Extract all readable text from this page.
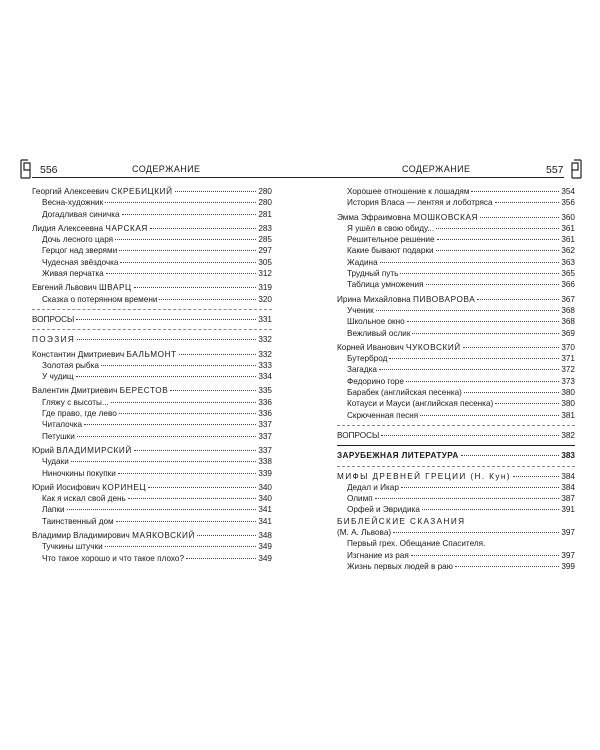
556	СОДЕРЖАНИЕ
Георгий Алексеевич СКРЕБИЦКИЙ	280
Весна-художник	280
Догадливая синичка	281
Лидия Алексеевна ЧАРСКАЯ	283
Дочь лесного царя	285
Герцог над зверями	297
Чудесная звёздочка	305
Живая перчатка	312
Евгений Львович ШВАРЦ	319
Сказка о потерянном времени	320
ВОПРОСЫ	331
ПОЭЗИЯ	332
Константин Дмитриевич БАЛЬМОНТ	332
Золотая рыбка	333
У чудищ	334
Валентин Дмитриевич БЕРЕСТОВ	335
Гляжу с высоты...	336
Где право, где лево	336
Читалочка	337
Петушки	337
Юрий ВЛАДИМИРСКИЙ	337
Чудаки	338
Ниночкины покупки	339
Юрий Иосифович КОРИНЕЦ	340
Как я искал свой день	340
Лапки	341
Таинственный дом	341
Владимир Владимирович МАЯКОВСКИЙ	348
Тучкины штучки	349
Что такое хорошо и что такое плохо?	349
СОДЕРЖАНИЕ	557
Хорошее отношение к лошадям	354
История Власа — лентяя и лоботряса	356
Эмма Эфраимовна МОШКОВСКАЯ	360
Я ушёл в свою обиду...	361
Решительное решение	361
Какие бывают подарки	362
Жадина	363
Трудный путь	365
Таблица умножения	366
Ирина Михайловна ПИВОВАРОВА	367
Ученик	368
Школьное окно	368
Вежливый ослик	369
Корней Иванович ЧУКОВСКИЙ	370
Бутерброд	371
Загадка	372
Федорино горе	373
Барабек (английская песенка)	380
Котауси и Мауси (английская песенка)	380
Скрюченная песня	381
ВОПРОСЫ	382
ЗАРУБЕЖНАЯ ЛИТЕРАТУРА	383
МИФЫ ДРЕВНЕЙ ГРЕЦИИ (Н. Кун)	384
Дедал и Икар	384
Олимп	387
Орфей и Эвридика	391
БИБЛЕЙСКИЕ СКАЗАНИЯ
(М. А. Львова)	397
Первый грех. Обещание Спасителя.
Изгнание из рая	397
Жизнь первых людей в раю	399
